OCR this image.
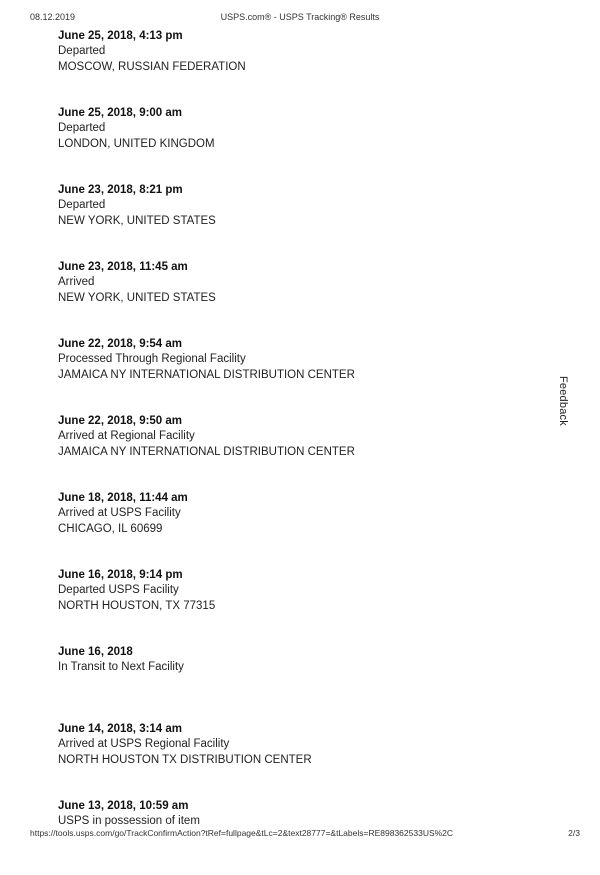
08.12.2019	USPS.com® - USPS Tracking® Results
June 25, 2018, 4:13 pm
Departed
MOSCOW, RUSSIAN FEDERATION
June 25, 2018, 9:00 am
Departed
LONDON, UNITED KINGDOM
June 23, 2018, 8:21 pm
Departed
NEW YORK, UNITED STATES
June 23, 2018, 11:45 am
Arrived
NEW YORK, UNITED STATES
June 22, 2018, 9:54 am
Processed Through Regional Facility
JAMAICA NY INTERNATIONAL DISTRIBUTION CENTER
June 22, 2018, 9:50 am
Arrived at Regional Facility
JAMAICA NY INTERNATIONAL DISTRIBUTION CENTER
June 18, 2018, 11:44 am
Arrived at USPS Facility
CHICAGO, IL 60699
June 16, 2018, 9:14 pm
Departed USPS Facility
NORTH HOUSTON, TX 77315
June 16, 2018
In Transit to Next Facility
June 14, 2018, 3:14 am
Arrived at USPS Regional Facility
NORTH HOUSTON TX DISTRIBUTION CENTER
June 13, 2018, 10:59 am
USPS in possession of item
Feedback
https://tools.usps.com/go/TrackConfirmAction?tRef=fullpage&tLc=2&text28777=&tLabels=RE898362533US%2C	2/3
